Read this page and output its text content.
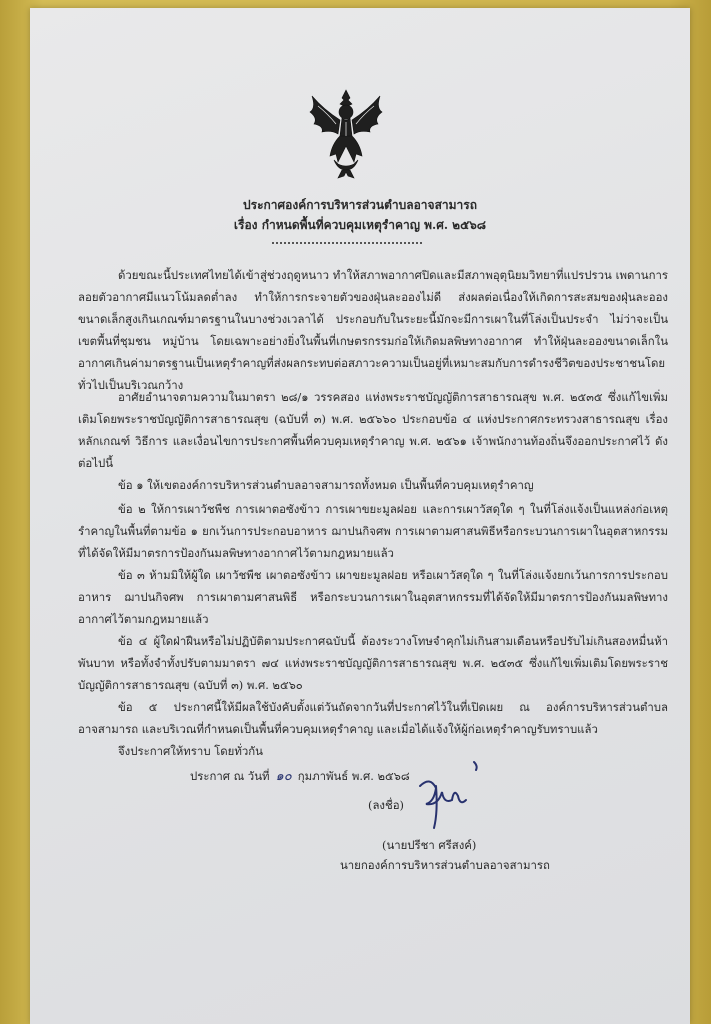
ประกาศองค์การบริหารส่วนตำบลอาจสามารถ
เรื่อง กำหนดพื้นที่ควบคุมเหตุรำคาญ พ.ศ. ๒๕๖๘
ด้วยขณะนี้ประเทศไทยได้เข้าสู่ช่วงฤดูหนาว ทำให้สภาพอากาศปิดและมีสภาพอุตุนิยมวิทยาที่แปรปรวน เพดานการลอยตัวอากาศมีแนวโน้มลดต่ำลง ทำให้การกระจายตัวของฝุ่นละอองไม่ดี ส่งผลต่อเนื่องให้เกิดการสะสมของฝุ่นละอองขนาดเล็กสูงเกินเกณฑ์มาตรฐานในบางช่วงเวลาได้ ประกอบกับในระยะนี้มักจะมีการเผาในที่โล่งเป็นประจำ ไม่ว่าจะเป็นเขตพื้นที่ชุมชน หมู่บ้าน โดยเฉพาะอย่างยิ่งในพื้นที่เกษตรกรรมก่อให้เกิดมลพิษทางอากาศ ทำให้ฝุ่นละอองขนาดเล็กในอากาศเกินค่ามาตรฐานเป็นเหตุรำคาญที่ส่งผลกระทบต่อสภาวะความเป็นอยู่ที่เหมาะสมกับการดำรงชีวิตของประชาชนโดยทั่วไปเป็นบริเวณกว้าง
อาศัยอำนาจตามความในมาตรา ๒๘/๑ วรรคสอง แห่งพระราชบัญญัติการสาธารณสุข พ.ศ. ๒๕๓๕ ซึ่งแก้ไขเพิ่มเติมโดยพระราชบัญญัติการสาธารณสุข (ฉบับที่ ๓) พ.ศ. ๒๕๖๖๐ ประกอบข้อ ๔ แห่งประกาศกระทรวงสาธารณสุข เรื่อง หลักเกณฑ์ วิธีการ และเงื่อนไขการประกาศพื้นที่ควบคุมเหตุรำคาญ พ.ศ. ๒๕๖๑ เจ้าพนักงานท้องถิ่นจึงออกประกาศไว้ ดังต่อไปนี้
ข้อ ๑ ให้เขตองค์การบริหารส่วนตำบลอาจสามารถทั้งหมด เป็นพื้นที่ควบคุมเหตุรำคาญ
ข้อ ๒ ให้การเผาวัชพืช การเผาตอซังข้าว การเผาขยะมูลฝอย และการเผาวัสดุใด ๆ ในที่โล่งแจ้งเป็นแหล่งก่อเหตุรำคาญในพื้นที่ตามข้อ ๑ ยกเว้นการประกอบอาหาร ฌาปนกิจศพ การเผาตามศาสนพิธีหรือกระบวนการเผาในอุตสาหกรรม ที่ได้จัดให้มีมาตรการป้องกันมลพิษทางอากาศไว้ตามกฎหมายแล้ว
ข้อ ๓ ห้ามมิให้ผู้ใด เผาวัชพืช เผาตอซังข้าว เผาขยะมูลฝอย หรือเผาวัสดุใด ๆ ในที่โล่งแจ้งยกเว้นการการประกอบอาหาร ฌาปนกิจศพ การเผาตามศาสนพิธี หรือกระบวนการเผาในอุตสาหกรรมที่ได้จัดให้มีมาตรการป้องกันมลพิษทางอากาศไว้ตามกฎหมายแล้ว
ข้อ ๔ ผู้ใดฝ่าฝืนหรือไม่ปฏิบัติตามประกาศฉบับนี้ ต้องระวางโทษจำคุกไม่เกินสามเดือนหรือปรับไม่เกินสองหมื่นห้าพันบาท หรือทั้งจำทั้งปรับตามมาตรา ๗๔ แห่งพระราชบัญญัติการสาธารณสุข พ.ศ. ๒๕๓๕ ซึ่งแก้ไขเพิ่มเติมโดยพระราชบัญญัติการสาธารณสุข (ฉบับที่ ๓) พ.ศ. ๒๕๖๐
ข้อ ๕ ประกาศนี้ให้มีผลใช้บังคับตั้งแต่วันถัดจากวันที่ประกาศไว้ในที่เปิดเผย ณ องค์การบริหารส่วนตำบลอาจสามารถ และบริเวณที่กำหนดเป็นพื้นที่ควบคุมเหตุรำคาญ และเมื่อได้แจ้งให้ผู้ก่อเหตุรำคาญรับทราบแล้ว
จึงประกาศให้ทราบ โดยทั่วกัน
ประกาศ ณ วันที่ ๑๐ กุมภาพันธ์ พ.ศ. ๒๕๖๘
(ลงชื่อ)
(นายปรีชา ศรีสงค์)
นายกองค์การบริหารส่วนตำบลอาจสามารถ
